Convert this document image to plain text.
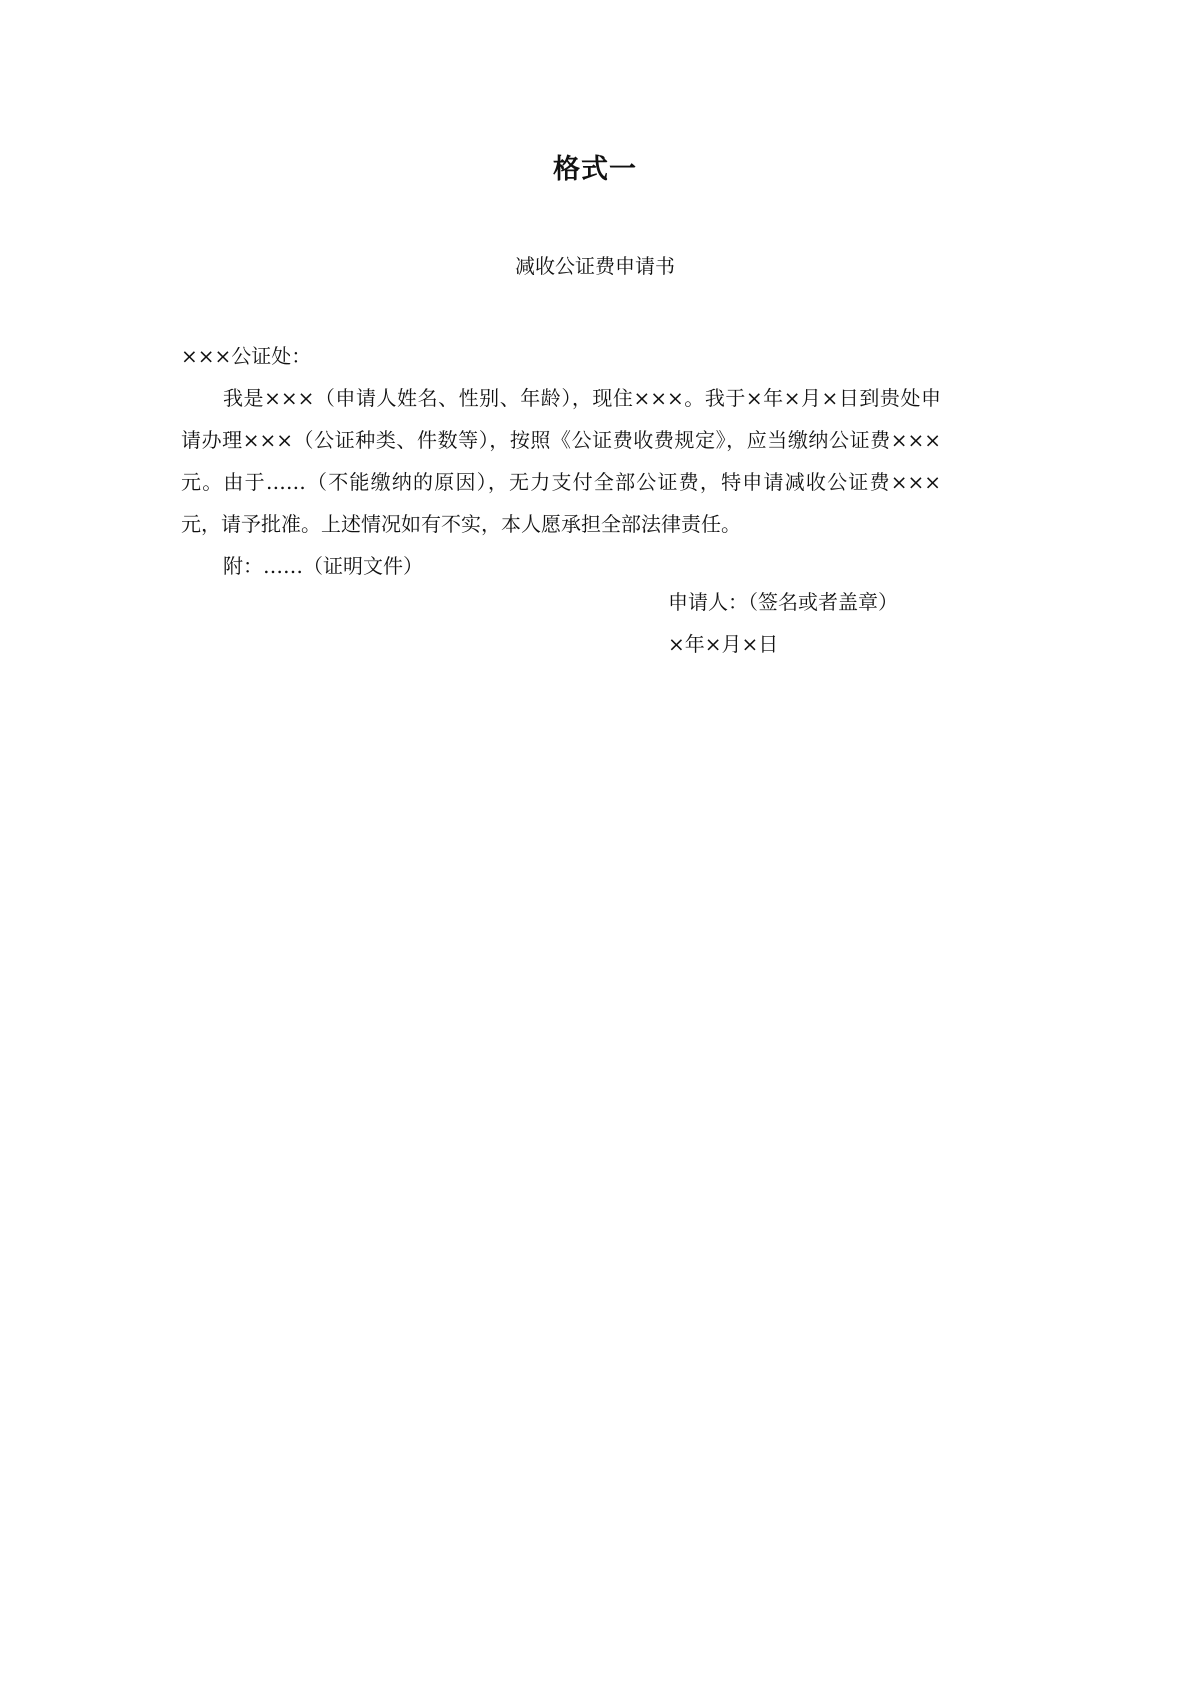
格式一
减收公证费申请书

×××公证处：

我是×××（申请人姓名、性别、年龄），现住×××。我于×年×月×日到贵处申请办理×××（公证种类、件数等），按照《公证费收费规定》，应当缴纳公证费×××元。由于……（不能缴纳的原因），无力支付全部公证费，特申请减收公证费×××元，请予批准。上述情况如有不实，本人愿承担全部法律责任。

附：……（证明文件）

申请人：（签名或者盖章）

×年×月×日
